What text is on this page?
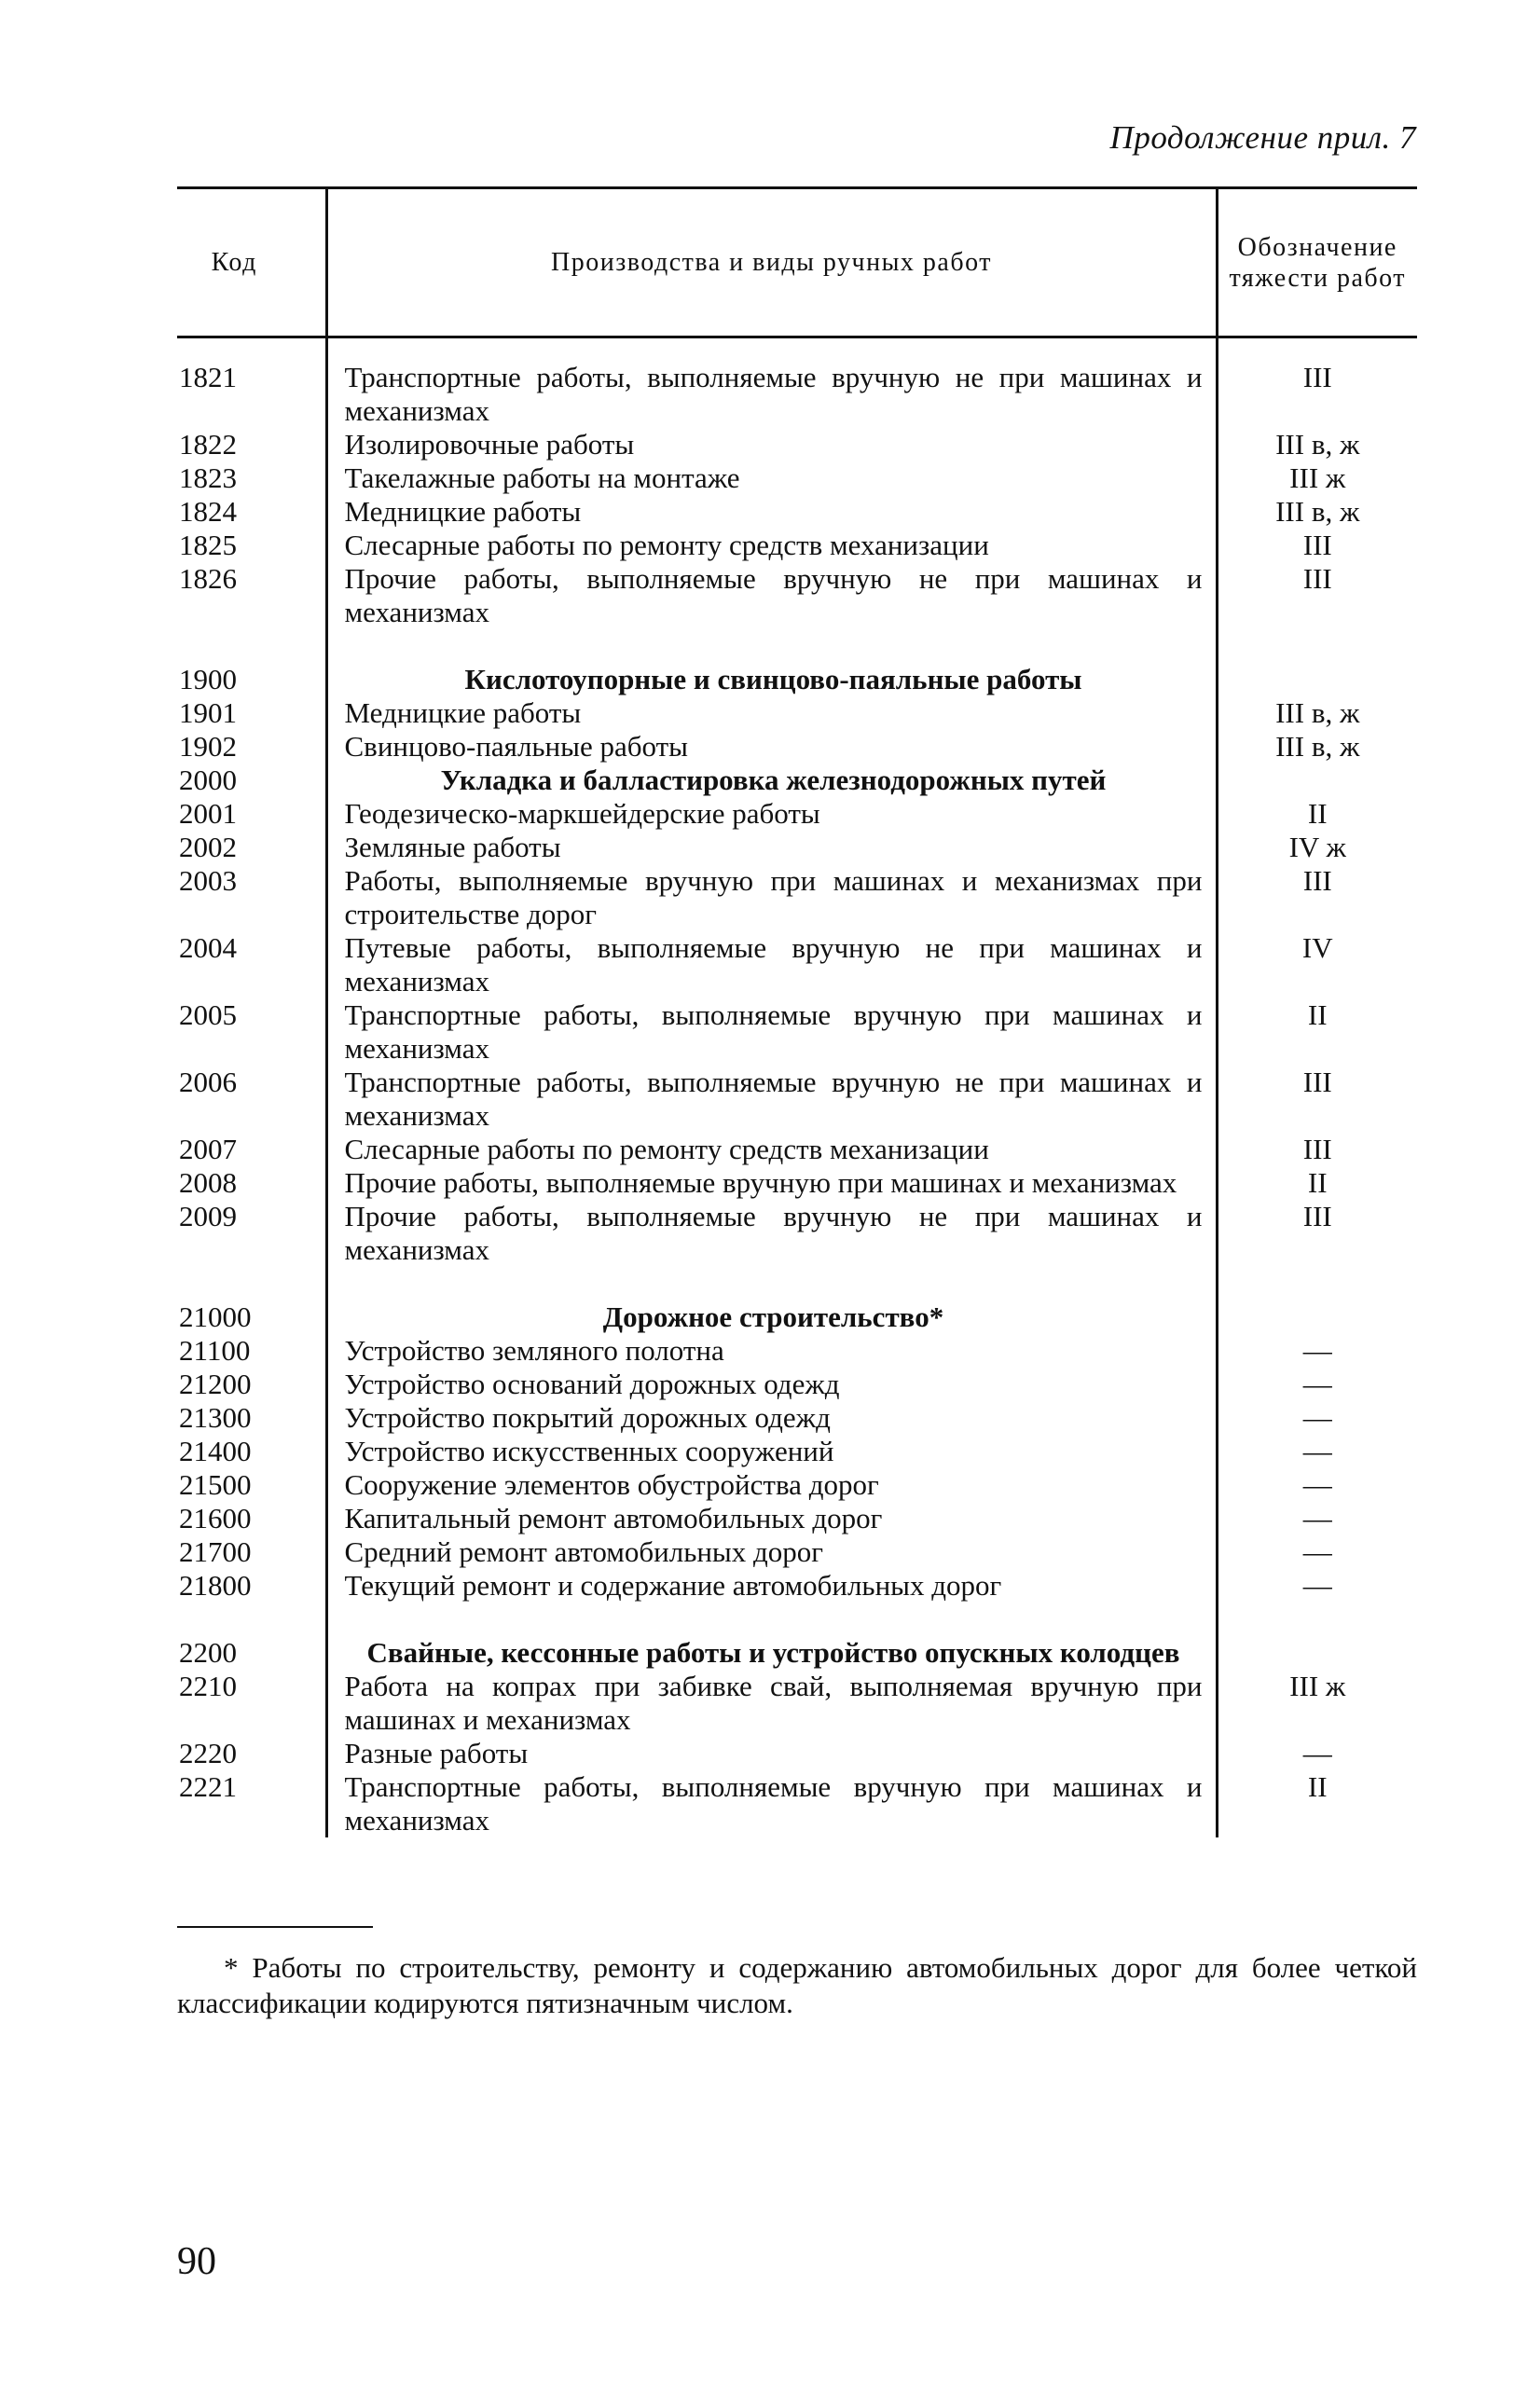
Продолжение прил. 7
Код	Производства и виды ручных работ	Обозначение тяжести работ
1821	Транспортные работы, выполняемые вручную не при машинах и механизмах	III
1822	Изолировочные работы	III в, ж
1823	Такелажные работы на монтаже	III ж
1824	Медницкие работы	III в, ж
1825	Слесарные работы по ремонту средств механизации	III
1826	Прочие работы, выполняемые вручную не при машинах и механизмах	III

1900	Кислотоупорные и свинцово-паяльные работы	
1901	Медницкие работы	III в, ж
1902	Свинцово-паяльные работы	III в, ж
2000	Укладка и балластировка железнодорожных путей	
2001	Геодезическо-маркшейдерские работы	II
2002	Земляные работы	IV ж
2003	Работы, выполняемые вручную при машинах и механизмах при строительстве дорог	III
2004	Путевые работы, выполняемые вручную не при машинах и механизмах	IV
2005	Транспортные работы, выполняемые вручную при машинах и механизмах	II
2006	Транспортные работы, выполняемые вручную не при машинах и механизмах	III
2007	Слесарные работы по ремонту средств механизации	III
2008	Прочие работы, выполняемые вручную при машинах и механизмах	II
2009	Прочие работы, выполняемые вручную не при машинах и механизмах	III

21000	Дорожное строительство*	
21100	Устройство земляного полотна	—
21200	Устройство оснований дорожных одежд	—
21300	Устройство покрытий дорожных одежд	—
21400	Устройство искусственных сооружений	—
21500	Сооружение элементов обустройства дорог	—
21600	Капитальный ремонт автомобильных дорог	—
21700	Средний ремонт автомобильных дорог	—
21800	Текущий ремонт и содержание автомобильных дорог	—

2200	Свайные, кессонные работы и устройство опускных колодцев	
2210	Работа на копрах при забивке свай, выполняемая вручную при машинах и механизмах	III ж
2220	Разные работы	—
2221	Транспортные работы, выполняемые вручную при машинах и механизмах	II
* Работы по строительству, ремонту и содержанию автомобильных дорог для более четкой классификации кодируются пятизначным числом.
90
